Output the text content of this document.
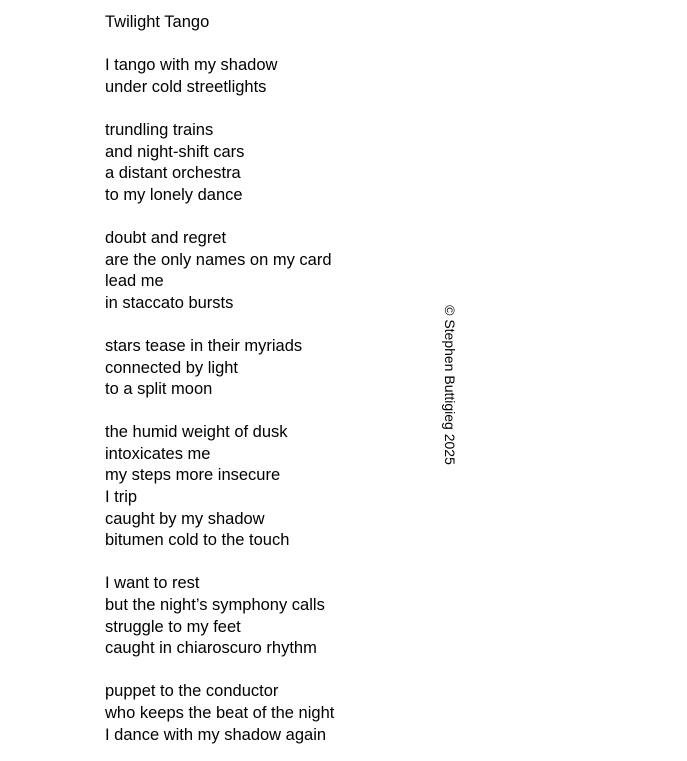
Twilight Tango
I tango with my shadow
under cold streetlights
trundling trains
and night-shift cars
a distant orchestra
to my lonely dance
doubt and regret
are the only names on my card
lead me
in staccato bursts
stars tease in their myriads
connected by light
to a split moon
the humid weight of dusk
intoxicates me
my steps more insecure
I trip
caught by my shadow
bitumen cold to the touch
I want to rest
but the night’s symphony calls
struggle to my feet
caught in chiaroscuro rhythm
puppet to the conductor
who keeps the beat of the night
I dance with my shadow again
© Stephen Buttigieg 2025
